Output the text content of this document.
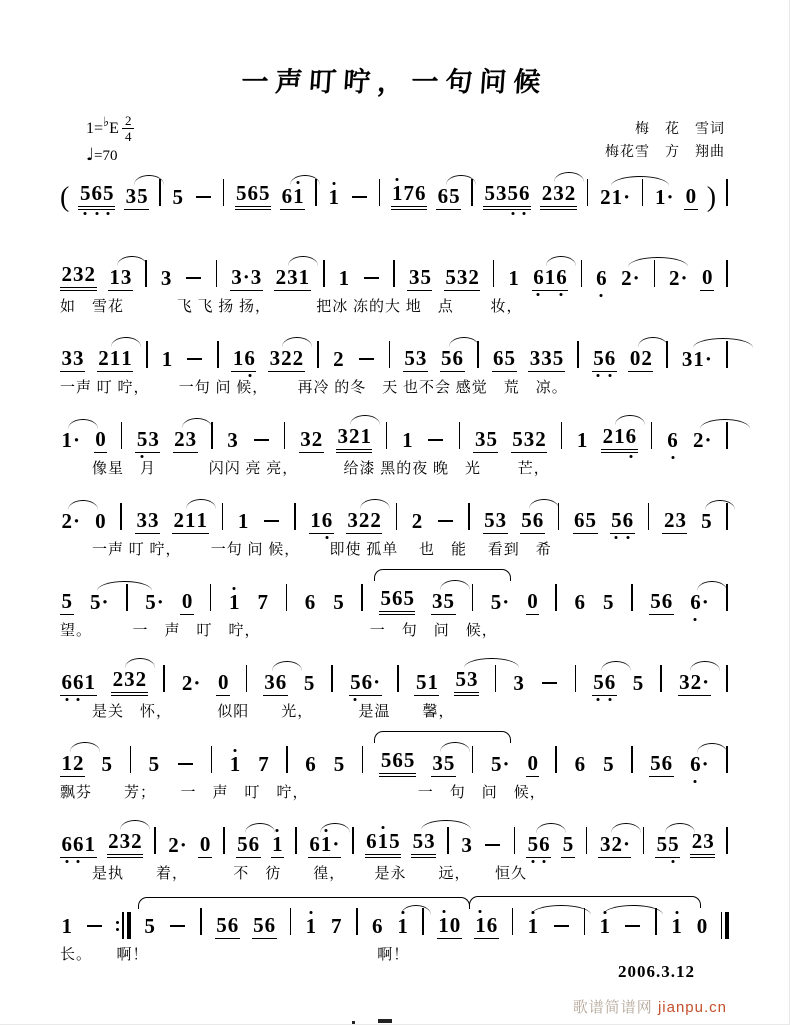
一声叮咛，一句问候
1= ♭ E $\frac{2}{4}$
♩=70
梅　花　雪词
梅花雪　方　翔曲
( 565 35 5	565 61 1	176 65 5356 232 21· 1· 0 )
232 13 3	3·3 231 1	35 532 1 616 6 2· 2· 0
如　雪花　　　 飞 飞 扬 扬，　　　 把冰 冻的大 地　点　　 妆，
33 211 1	16 322 2	53 56 65 335 56 02 31·
一声 叮 咛，　　 一句 问 候，　　 再冷 的冬　天 也不会 感觉　荒　凉。
1· 0 53 23 3	32 321 1	35 532 1 216 6 2·
　　像星　月　　　 闪闪 亮 亮，　　　 给漆 黑的夜 晚　光　　 芒，
2· 0 33 211 1	16 322 2	53 56 65 56 23 5
　　一声 叮 咛，　　 一句 问 候，　　 即使 孤单　 也　能　 看到　希
5 5· 5· 0 1 7 6 5 565 35 5· 0 6 5 56 6·
望。　　　一　声　叮　咛，　　　　　　　 一　句　问　候，
661 232 2· 0 36 5 56· 51 53 3	56 5 32·
　　是关　怀，　　　 似阳　　光，　　　 是温　　馨，
12 5 5	1 7 6 5 565 35 5· 0 6 5 56 6·
飘芬　　芳；　　一　声　叮　咛，　　　　　　　 一　句　问　候，
661 232 2· 0 56 1 61· 615 53 3	56 5 32· 55 23
　　是执　　着，　　　 不　彷　　徨，　　 是永　　远，　　恒久
1	5	56 56 1 7 6 1 10 16 1	1	1 0
长。　　啊！　　　　　　　　　　　　　　 啊！
2006.3.12
歌谱简谱网 jianpu.cn
